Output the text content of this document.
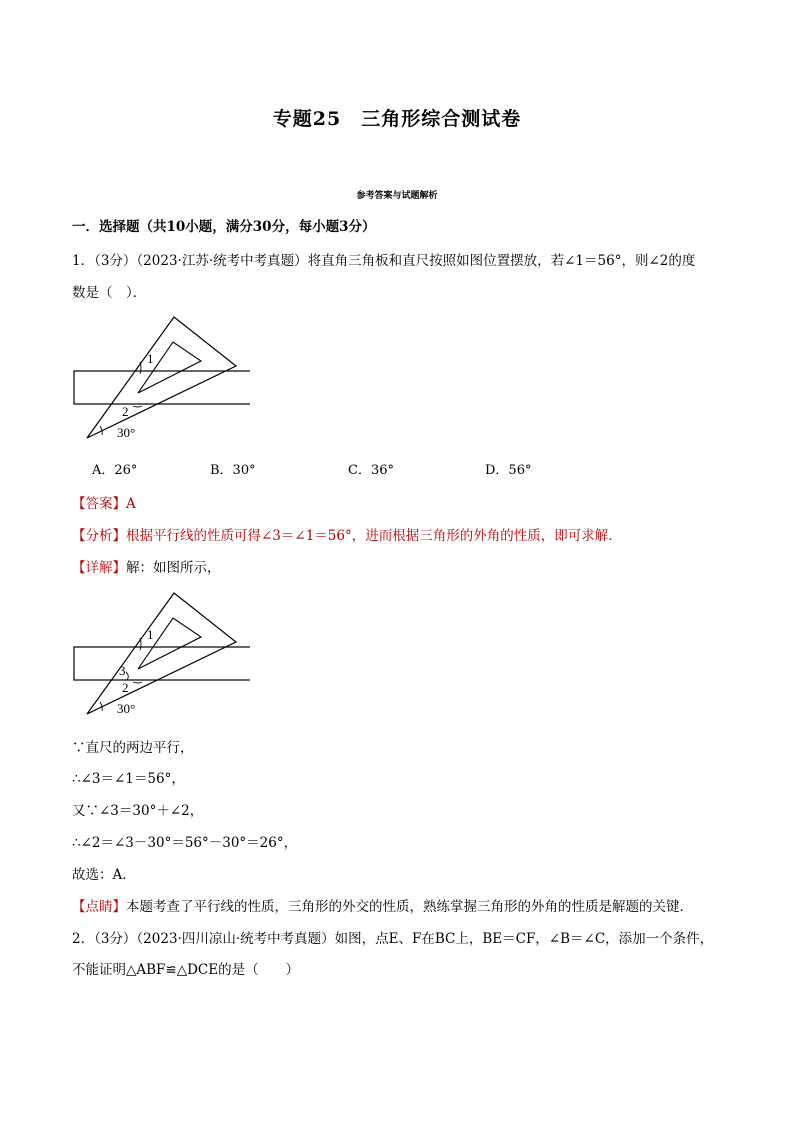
专题25　三角形综合测试卷
参考答案与试题解析
一．选择题（共10小题，满分30分，每小题3分）
1．（3分）（2023·江苏·统考中考真题）将直角三角板和直尺按照如图位置摆放，若∠1＝56°，则∠2的度
数是（　）．
1
2
30°
A．26°	B．30°	C．36°	D．56°
【答案】A
【分析】根据平行线的性质可得∠3＝∠1＝56°，进而根据三角形的外角的性质，即可求解．
【详解】解：如图所示，
1
3
2
30°
∵直尺的两边平行，
∴∠3＝∠1＝56°，
又∵∠3＝30°＋∠2，
∴∠2＝∠3－30°＝56°－30°＝26°，
故选：A．
【点睛】本题考查了平行线的性质，三角形的外交的性质，熟练掌握三角形的外角的性质是解题的关键．
2．（3分）（2023·四川凉山·统考中考真题）如图，点E、F在BC上，BE＝CF，∠B＝∠C，添加一个条件，
不能证明△ABF≌△DCE的是（　　）
